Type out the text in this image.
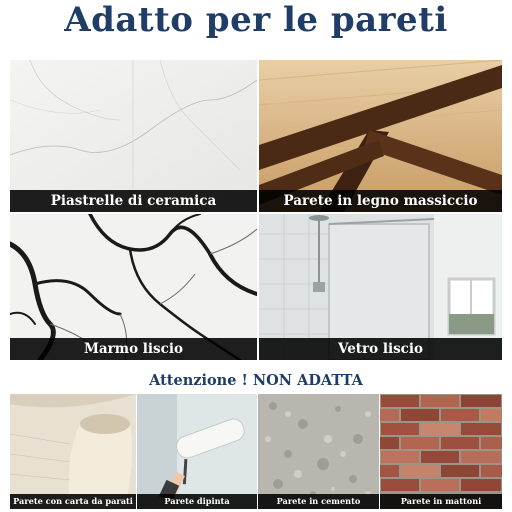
Adatto per le pareti
Piastrelle di ceramica	Parete in legno massiccio
Marmo liscio	Vetro liscio
Attenzione ! NON ADATTA
Parete con carta da parati	Parete dipinta	Parete in cemento	Parete in mattoni
